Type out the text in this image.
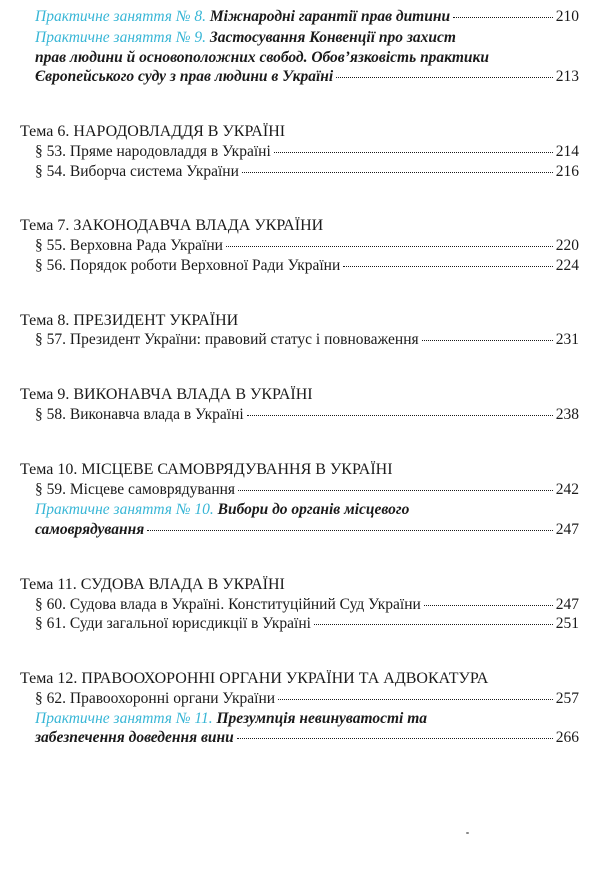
Практичне заняття № 8. Міжнародні гарантії прав дитини	210
Практичне заняття № 9. Застосування Конвенції про захист
прав людини й основоположних свобод. Обов’язковість практики
Європейського суду з прав людини в Україні	213
Тема 6. НАРОДОВЛАДДЯ В УКРАЇНІ
§ 53. Пряме народовладдя в Україні	214
§ 54. Виборча система України	216
Тема 7. ЗАКОНОДАВЧА ВЛАДА УКРАЇНИ
§ 55. Верховна Рада України	220
§ 56. Порядок роботи Верховної Ради України	224
Тема 8. ПРЕЗИДЕНТ УКРАЇНИ
§ 57. Президент України: правовий статус і повноваження	231
Тема 9. ВИКОНАВЧА ВЛАДА В УКРАЇНІ
§ 58. Виконавча влада в Україні	238
Тема 10. МІСЦЕВЕ САМОВРЯДУВАННЯ В УКРАЇНІ
§ 59. Місцеве самоврядування	242
Практичне заняття № 10. Вибори до органів місцевого
самоврядування	247
Тема 11. СУДОВА ВЛАДА В УКРАЇНІ
§ 60. Судова влада в Україні. Конституційний Суд України	247
§ 61. Суди загальної юрисдикції в Україні	251
Тема 12. ПРАВООХОРОННІ ОРГАНИ УКРАЇНИ ТА АДВОКАТУРА
§ 62. Правоохоронні органи України	257
Практичне заняття № 11. Презумпція невинуватості та
забезпечення доведення вини	266
